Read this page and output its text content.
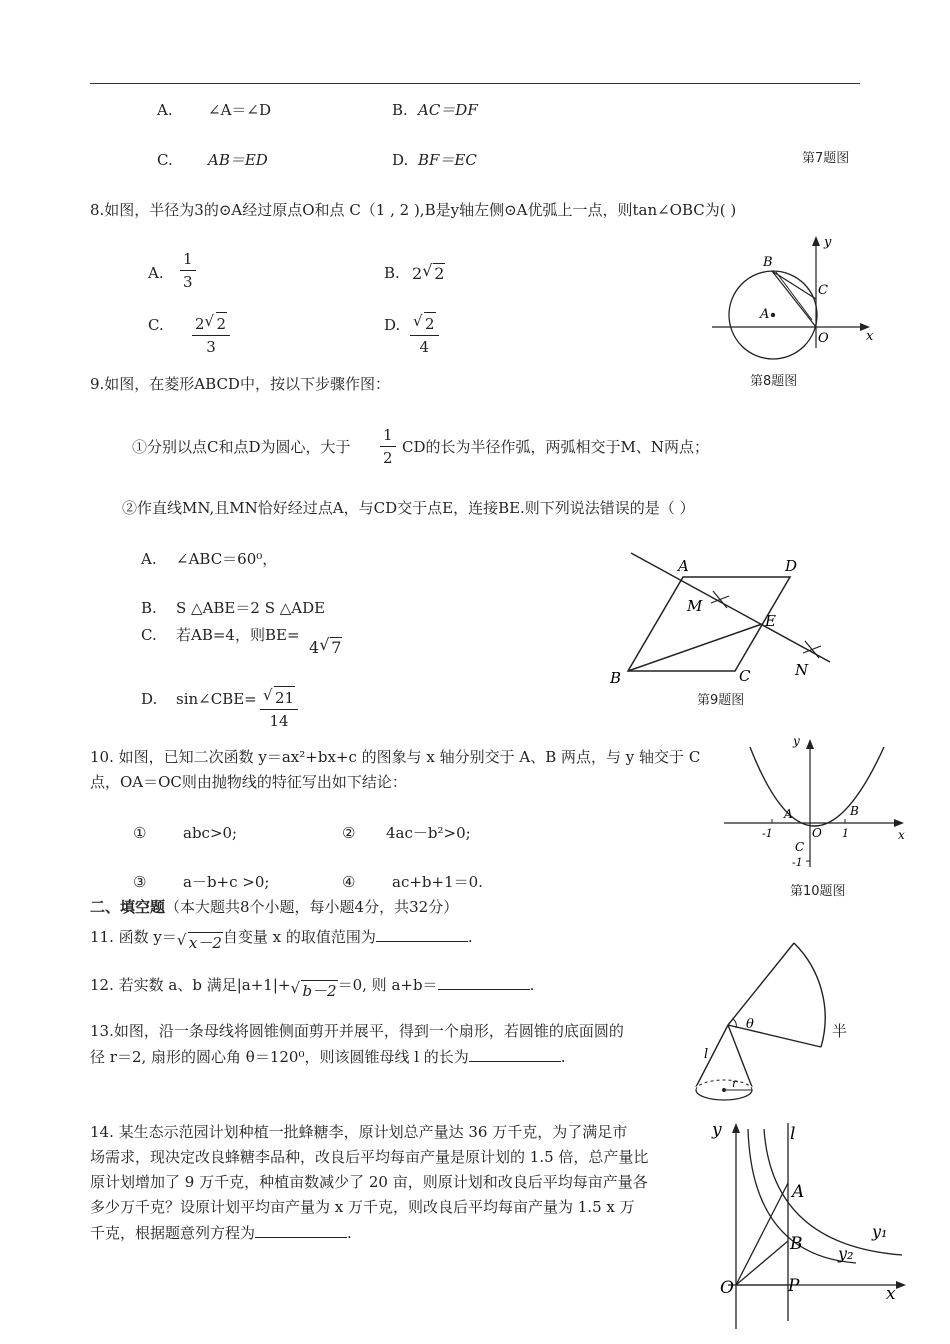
A. ∠A＝∠D	B. AC＝DF
C. AB＝ED	D. BF＝EC	第7题图
8.如图，半径为3的⊙A经过原点O和点 C（1 , 2 ),B是y轴左侧⊙A优弧上一点，则tan∠OBC为( )
A. $\frac{1}{3}$	B. 2 √ 2
C. $\frac{2 √ 2}{3}$	D. $\frac{√ 2}{4}$
B
C
A
O	x
y
第8题图
9.如图，在菱形ABCD中，按以下步骤作图：
①分别以点C和点D为圆心，大于 $\frac{1}{2}$ CD的长为半径作弧，两弧相交于M、N两点；
②作直线MN,且MN恰好经过点A，与CD交于点E，连接BE.则下列说法错误的是（ ）
A. ∠ABC＝60⁰，
B. S △ABE＝2 S △ADE
C. 若AB=4，则BE=
4 √ 7
D. sin∠CBE= $\frac{√ 21}{14}$
A	D
M
E
N
B	C
第9题图
10. 如图，已知二次函数 y＝ax²+bx+c 的图象与 x 轴分别交于 A、B 两点，与 y 轴交于 C
点，OA＝OC则由抛物线的特征写出如下结论：
① abc>0;	② 4ac－b²>0;
③ a－b+c >0;	④ ac+b+1＝0.
y
x
A	B
O
C
-1	1
-1
第10题图
二、填空题（本大题共8个小题，每小题4分，共32分）
11. 函数 y＝ √ x－2自变量 x 的取值范围为	.
12. 若实数 a、b 满足|a+1|+ √ b－2＝0, 则 a+b＝	.
13.如图，沿一条母线将圆锥侧面剪开并展平，得到一个扇形，若圆锥的底面圆的	半
径 r＝2, 扇形的圆心角 θ＝120⁰，则该圆锥母线 l 的长为	.
θ
l
r
14. 某生态示范园计划种植一批蜂糖李，原计划总产量达 36 万千克，为了满足市
场需求，现决定改良蜂糖李品种，改良后平均每亩产量是原计划的 1.5 倍，总产量比
原计划增加了 9 万千克，种植亩数减少了 20 亩，则原计划和改良后平均每亩产量各
多少万千克？设原计划平均亩产量为 x 万千克，则改良后平均每亩产量为 1.5 x 万
千克，根据题意列方程为	.
y	l
A
B
y₁
y₂
O	P	x
